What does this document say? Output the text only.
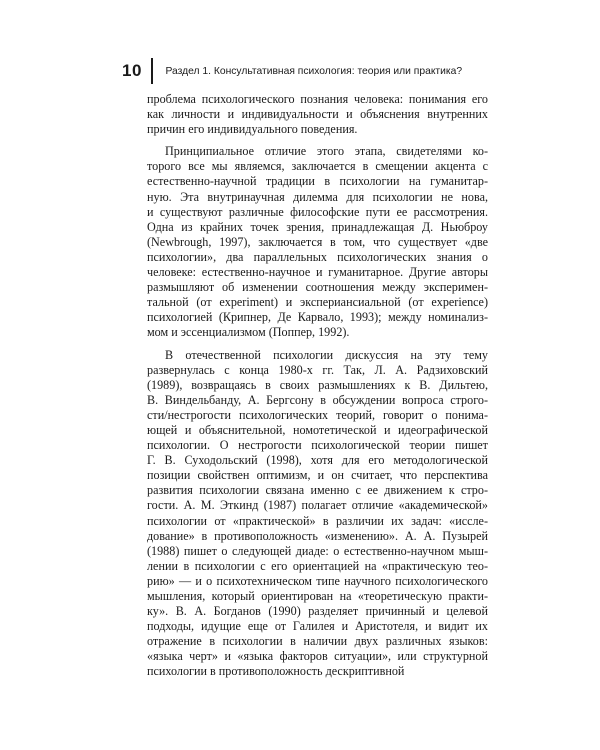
10	Раздел 1. Консультативная психология: теория или практика?

проблема психологического познания человека: понимания его
как личности и индивидуальности и объяснения внутренних
причин его индивидуального поведения.

Принципиальное отличие этого этапа, свидетелями ко-
торого все мы являемся, заключается в смещении акцента с
естественно-научной традиции в психологии на гуманитар-
ную. Эта внутринаучная дилемма для психологии не нова,
и существуют различные философские пути ее рассмотрения.
Одна из крайних точек зрения, принадлежащая Д. Ньюброу
(Newbrough, 1997), заключается в том, что существует «две
психологии», два параллельных психологических знания о
человеке: естественно-научное и гуманитарное. Другие авторы
размышляют об изменении соотношения между эксперимен-
тальной (от experiment) и экспериансиальной (от experience)
психологией (Крипнер, Де Карвало, 1993); между номинализ-
мом и эссенциализмом (Поппер, 1992).

В отечественной психологии дискуссия на эту тему
развернулась с конца 1980-х гг. Так, Л. А. Радзиховский
(1989), возвращаясь в своих размышлениях к В. Дильтею,
В. Виндельбанду, А. Бергсону в обсуждении вопроса строго-
сти/нестрогости психологических теорий, говорит о понима-
ющей и объяснительной, номотетической и идеографической
психологии. О нестрогости психологической теории пишет
Г. В. Суходольский (1998), хотя для его методологической
позиции свойствен оптимизм, и он считает, что перспектива
развития психологии связана именно с ее движением к стро-
гости. А. М. Эткинд (1987) полагает отличие «академической»
психологии от «практической» в различии их задач: «иссле-
дование» в противоположность «изменению». А. А. Пузырей
(1988) пишет о следующей диаде: о естественно-научном мыш-
лении в психологии с его ориентацией на «практическую тео-
рию» — и о психотехническом типе научного психологического
мышления, который ориентирован на «теоретическую практи-
ку». В. А. Богданов (1990) разделяет причинный и целевой
подходы, идущие еще от Галилея и Аристотеля, и видит их
отражение в психологии в наличии двух различных языков:
«языка черт» и «языка факторов ситуации», или структурной
психологии в противоположность дескриптивной
